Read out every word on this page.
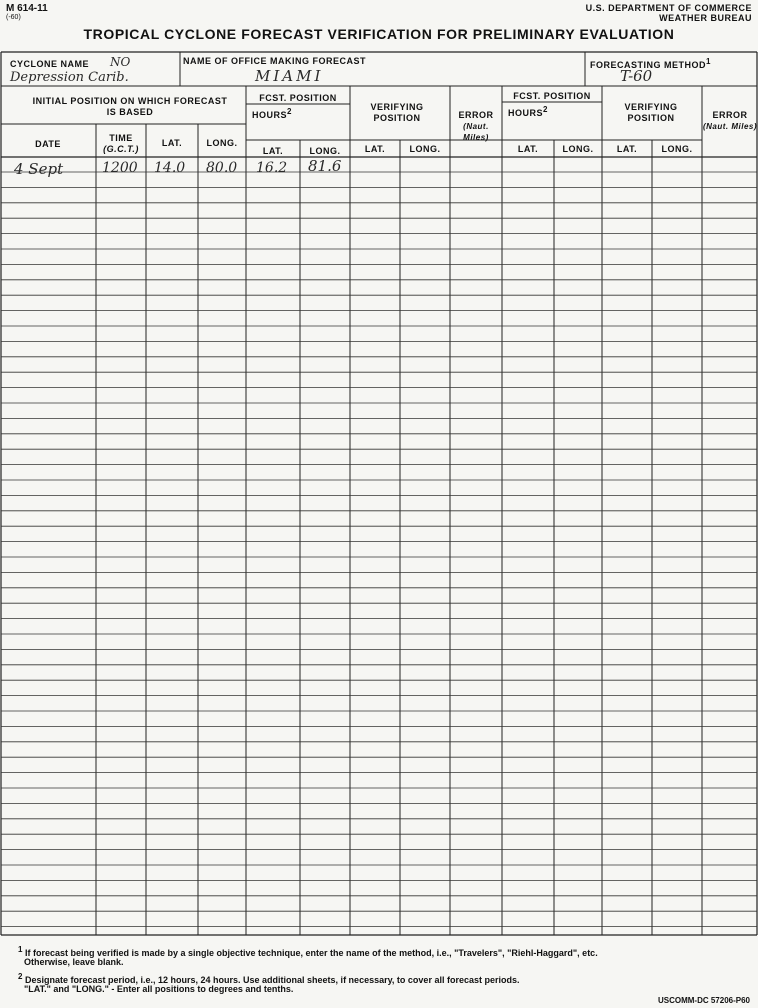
M 614-11
(-60)
U.S. DEPARTMENT OF COMMERCE
WEATHER BUREAU
TROPICAL CYCLONE FORECAST VERIFICATION FOR PRELIMINARY EVALUATION
CYCLONE NAME NO
Depression Carib.
NAME OF OFFICE MAKING FORECAST
MIAMI
FORECASTING METHOD$^1$
T-60
INITIAL POSITION ON WHICH FORECAST IS BASED
DATE
TIME
(G.C.T.)
LAT.	LONG.
FCST. POSITION
HOURS$^2$
LAT.	LONG.
VERIFYING POSITION
LAT.	LONG.
ERROR
(Naut. Miles)
FCST. POSITION
HOURS$^2$
LAT.	LONG.
VERIFYING POSITION
LAT.	LONG.
ERROR
(Naut. Miles)
4 Sept	1200 14.0 80.0 16.2 81.6
$^1$ If forecast being verified is made by a single objective technique, enter the name of the method, i.e., "Travelers", "Riehl-Haggard", etc.
Otherwise, leave blank.
$^2$ Designate forecast period, i.e., 12 hours, 24 hours. Use additional sheets, if necessary, to cover all forecast periods.
"LAT." and "LONG." - Enter all positions to degrees and tenths.
USCOMM-DC 57206-P60
